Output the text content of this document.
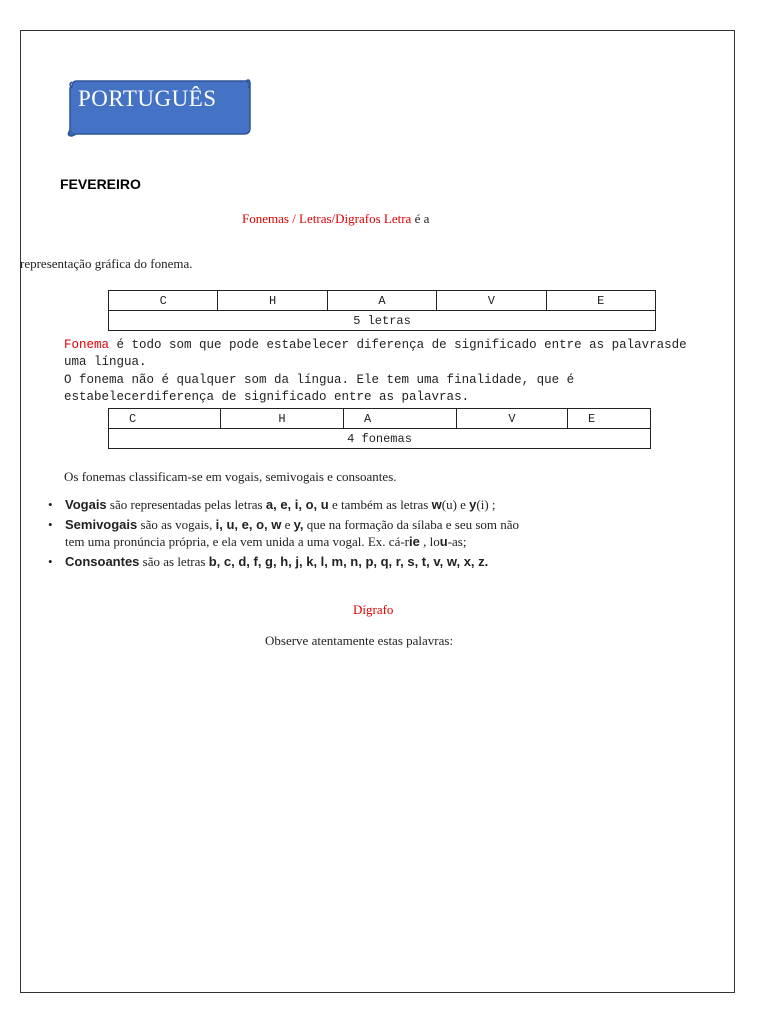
PORTUGUÊS
FEVEREIRO
Fonemas / Letras/Digrafos Letra é a
representação gráfica do fonema.
C	H	A	V	E
5 letras
Fonema é todo som que pode estabelecer diferença de significado entre as palavrasde
uma língua.
O fonema não é qualquer som da língua. Ele tem uma finalidade, que é
estabelecerdiferença de significado entre as palavras.
C	H	A	V	E
4 fonemas
Os fonemas classificam-se em vogais, semivogais e consoantes.
• Vogais são representadas pelas letras a, e, i, o, u e também as letras w(u) e y(i) ;
• Semivogais são as vogais, i, u, e, o, w e y, que na formação da sílaba e seu som não
tem uma pronúncia própria, e ela vem unida a uma vogal. Ex. cá-rie , lou-as;
• Consoantes são as letras b, c, d, f, g, h, j, k, l, m, n, p, q, r, s, t, v, w, x, z.
Dígrafo
Observe atentamente estas palavras:
